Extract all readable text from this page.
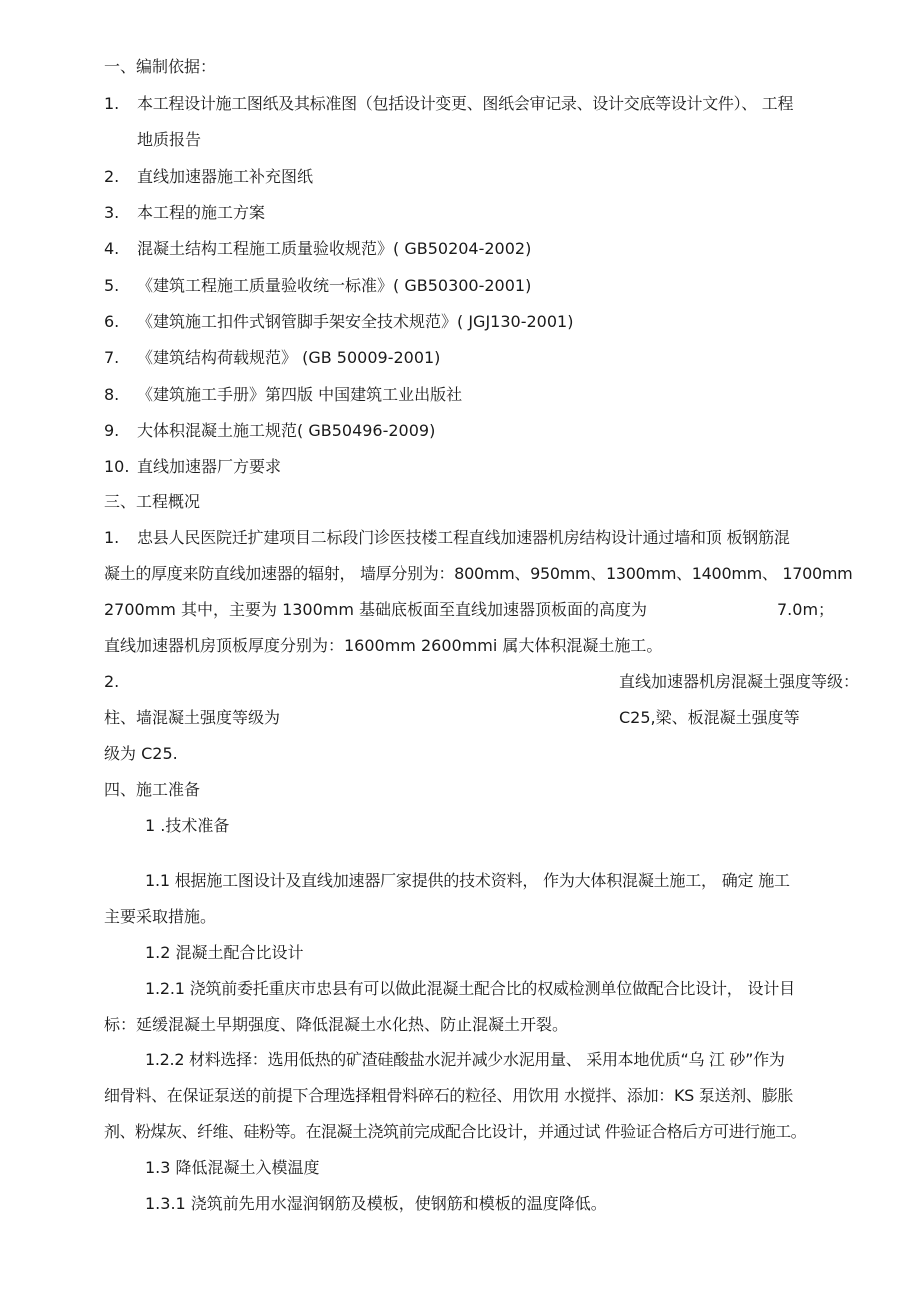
一、编制依据：
1. 本工程设计施工图纸及其标准图（包括设计变更、图纸会审记录、设计交底等设计文件）、 工程
地质报告
2. 直线加速器施工补充图纸
3. 本工程的施工方案
4. 混凝土结构工程施工质量验收规范》( GB50204-2002)
5. 《建筑工程施工质量验收统一标准》( GB50300-2001)
6. 《建筑施工扣件式钢管脚手架安全技术规范》( JGJ130-2001)
7. 《建筑结构荷载规范》 (GB 50009-2001)
8. 《建筑施工手册》第四版 中国建筑工业出版社
9. 大体积混凝土施工规范( GB50496-2009)
10. 直线加速器厂方要求
三、工程概况
1. 忠县人民医院迁扩建项目二标段门诊医技楼工程直线加速器机房结构设计通过墙和顶 板钢筋混
凝土的厚度来防直线加速器的辐射， 墙厚分别为：800mm、950mm、1300mm、1400mm、 1700mm
2700mm 其中，主要为 1300mm 基础底板面至直线加速器顶板面的高度为	7.0m；
直线加速器机房顶板厚度分别为：1600mm 2600mmi 属大体积混凝土施工。
2.	直线加速器机房混凝土强度等级：
柱、墙混凝土强度等级为	C25,梁、板混凝土强度等
级为 C25.
四、施工准备
1 .技术准备
1.1 根据施工图设计及直线加速器厂家提供的技术资料， 作为大体积混凝土施工， 确定 施工
主要采取措施。
1.2 混凝土配合比设计
1.2.1 浇筑前委托重庆市忠县有可以做此混凝土配合比的权威检测单位做配合比设计， 设计目
标：延缓混凝土早期强度、降低混凝土水化热、防止混凝土开裂。
1.2.2 材料选择：选用低热的矿渣硅酸盐水泥并减少水泥用量、 采用本地优质“乌 江 砂”作为
细骨料、在保证泵送的前提下合理选择粗骨料碎石的粒径、用饮用 水搅拌、添加：KS 泵送剂、膨胀
剂、粉煤灰、纤维、硅粉等。在混凝土浇筑前完成配合比设计，并通过试 件验证合格后方可进行施工。
1.3 降低混凝土入模温度
1.3.1 浇筑前先用水湿润钢筋及模板，使钢筋和模板的温度降低。
